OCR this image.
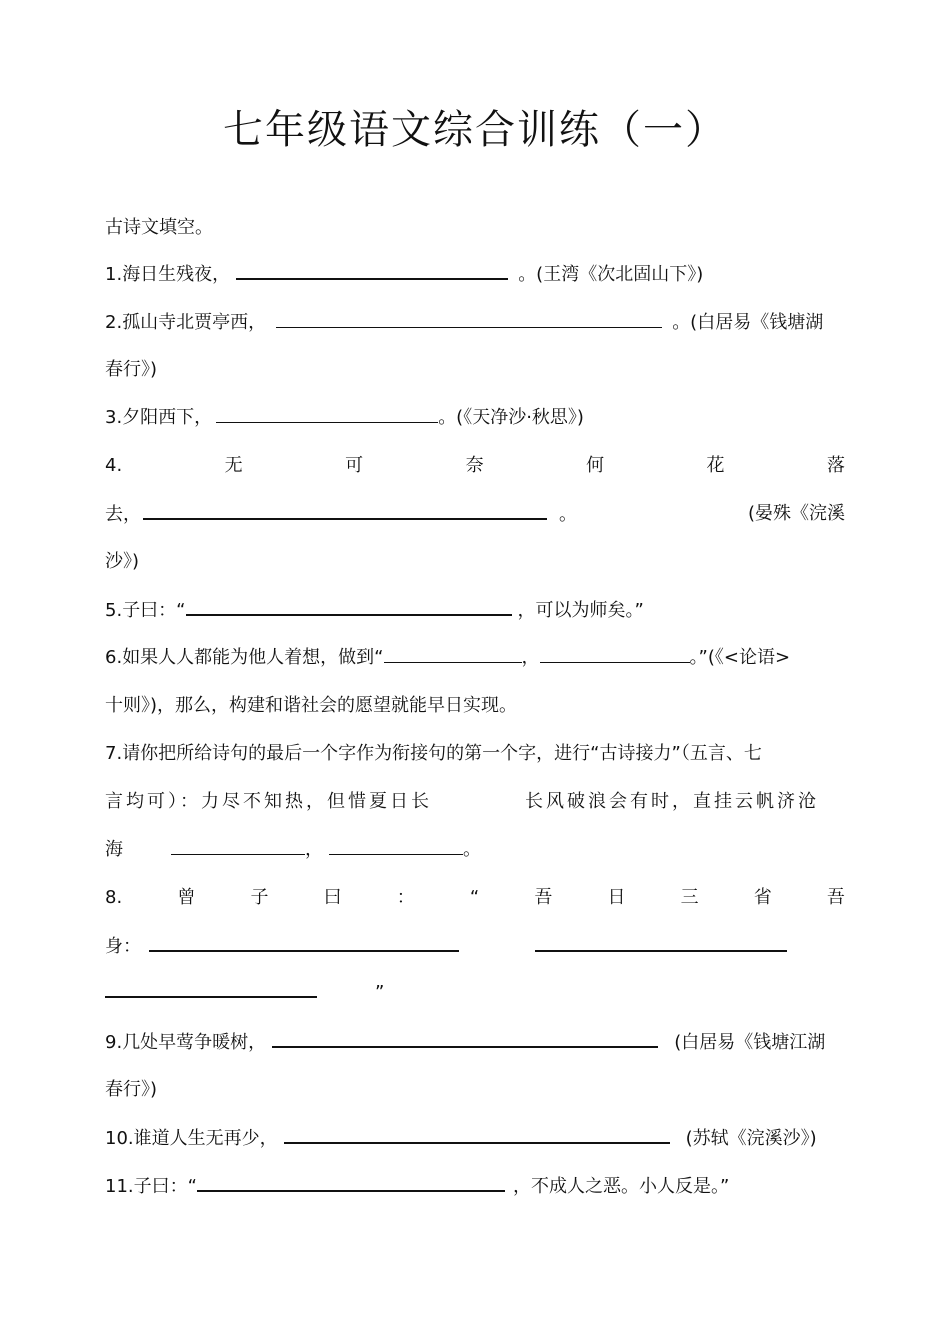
七年级语文综合训练（一）
古诗文填空。
1.海日生残夜，	。(王湾《次北固山下》)
2.孤山寺北贾亭西，	。(白居易《钱塘湖
春行》)
3.夕阳西下，	。(《天净沙·秋思》)
4.	无	可	奈	何	花	落
去，	。	(晏殊《浣溪
沙》)
5.子曰：“	，可以为师矣。”
6.如果人人都能为他人着想，做到“	，	。”(《<论语>
十则》)，那么，构建和谐社会的愿望就能早日实现。
7.请你把所给诗句的最后一个字作为衔接句的第一个字，进行“古诗接力”（五言、七
言均可）：力尽不知热，但惜夏日长	长风破浪会有时，直挂云帆济沧
海	，	。
8.	曾	子	曰	：	“	吾	日	三	省	吾
身：
”
9.几处早莺争暖树，	(白居易《钱塘江湖
春行》)
10.谁道人生无再少，	(苏轼《浣溪沙》)
11.子曰：“	，不成人之恶。小人反是。”
